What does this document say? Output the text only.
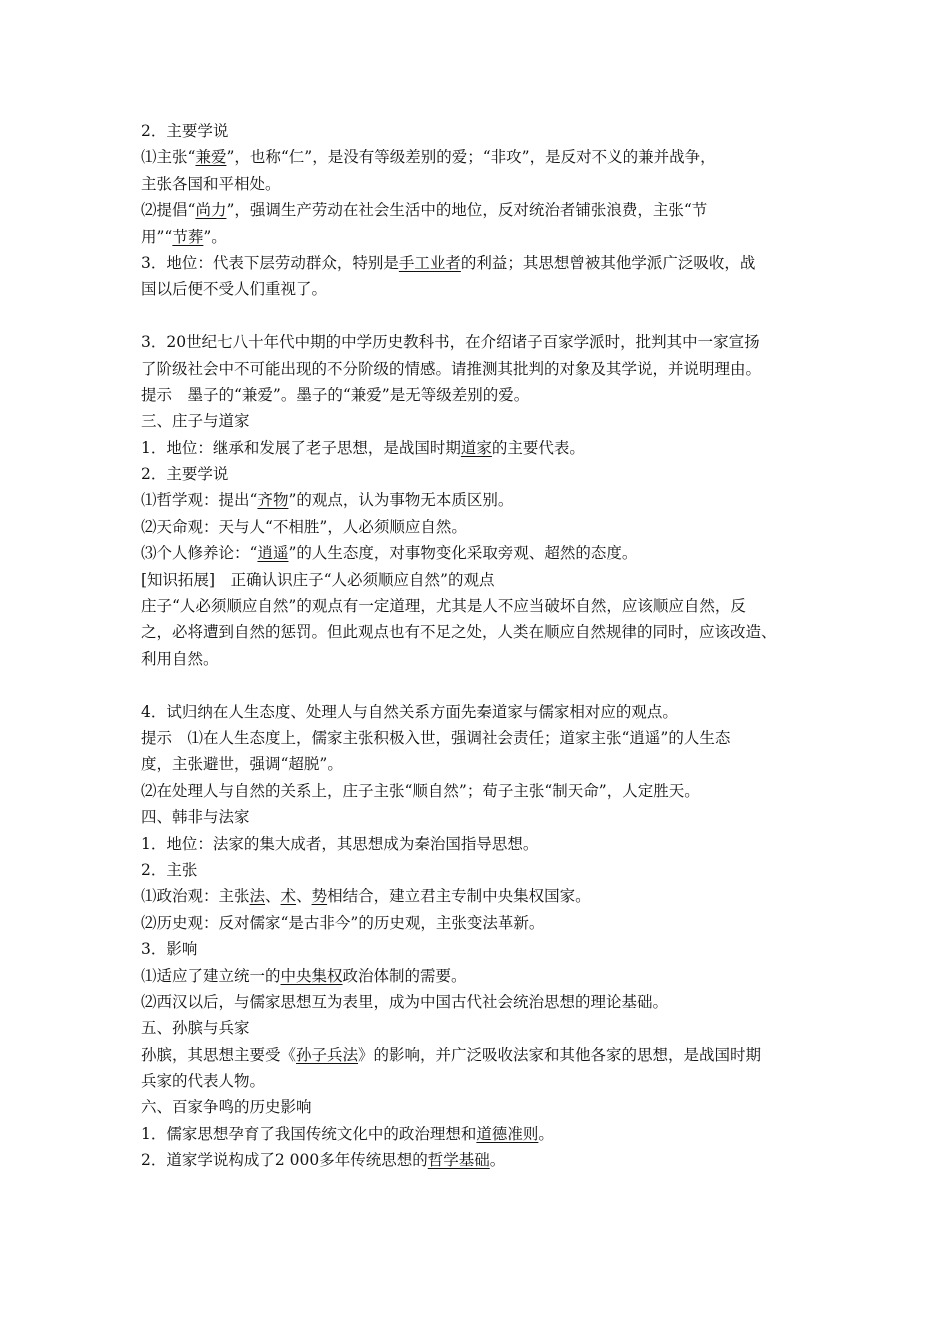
2．主要学说
⑴主张“兼爱”，也称“仁”，是没有等级差别的爱；“非攻”，是反对不义的兼并战争，
主张各国和平相处。
⑵提倡“尚力”，强调生产劳动在社会生活中的地位，反对统治者铺张浪费，主张“节
用”“节葬”。
3．地位：代表下层劳动群众，特别是手工业者的利益；其思想曾被其他学派广泛吸收，战
国以后便不受人们重视了。
3．20世纪七八十年代中期的中学历史教科书，在介绍诸子百家学派时，批判其中一家宣扬
了阶级社会中不可能出现的不分阶级的情感。请推测其批判的对象及其学说，并说明理由。
提示　墨子的“兼爱”。墨子的“兼爱”是无等级差别的爱。
三、庄子与道家
1．地位：继承和发展了老子思想，是战国时期道家的主要代表。
2．主要学说
⑴哲学观：提出“齐物”的观点，认为事物无本质区别。
⑵天命观：天与人“不相胜”，人必须顺应自然。
⑶个人修养论：“逍遥”的人生态度，对事物变化采取旁观、超然的态度。
[知识拓展]　正确认识庄子“人必须顺应自然”的观点
庄子“人必须顺应自然”的观点有一定道理，尤其是人不应当破坏自然，应该顺应自然，反
之，必将遭到自然的惩罚。但此观点也有不足之处，人类在顺应自然规律的同时，应该改造、
利用自然。
4．试归纳在人生态度、处理人与自然关系方面先秦道家与儒家相对应的观点。
提示　⑴在人生态度上，儒家主张积极入世，强调社会责任；道家主张“逍遥”的人生态
度，主张避世，强调“超脱”。
⑵在处理人与自然的关系上，庄子主张“顺自然”；荀子主张“制天命”，人定胜天。
四、韩非与法家
1．地位：法家的集大成者，其思想成为秦治国指导思想。
2．主张
⑴政治观：主张法、术、势相结合，建立君主专制中央集权国家。
⑵历史观：反对儒家“是古非今”的历史观，主张变法革新。
3．影响
⑴适应了建立统一的中央集权政治体制的需要。
⑵西汉以后，与儒家思想互为表里，成为中国古代社会统治思想的理论基础。
五、孙膑与兵家
孙膑，其思想主要受《孙子兵法》的影响，并广泛吸收法家和其他各家的思想，是战国时期
兵家的代表人物。
六、百家争鸣的历史影响
1．儒家思想孕育了我国传统文化中的政治理想和道德准则。
2．道家学说构成了2 000多年传统思想的哲学基础。
